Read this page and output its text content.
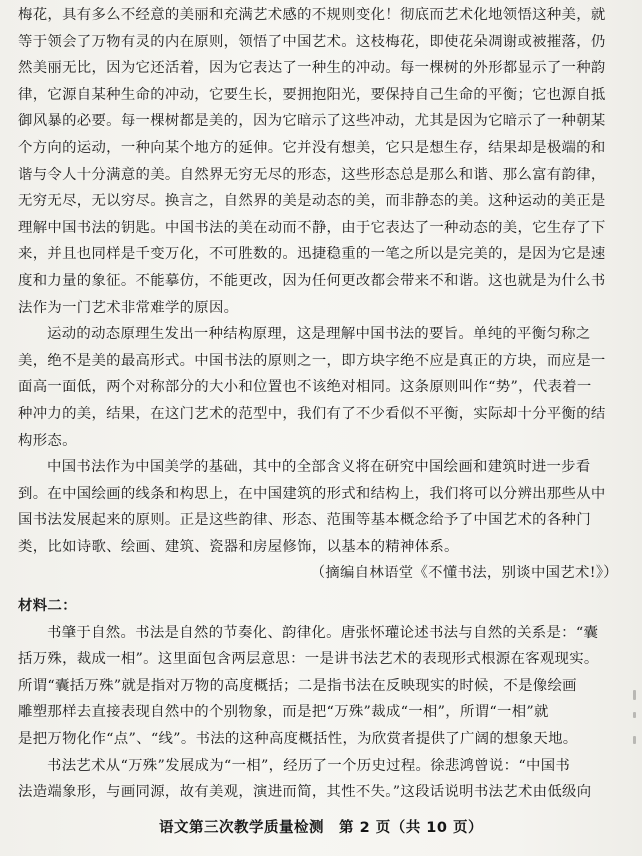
梅花，具有多么不经意的美丽和充满艺术感的不规则变化！彻底而艺术化地领悟这种美，就
等于领会了万物有灵的内在原则，领悟了中国艺术。这枝梅花，即使花朵凋谢或被摧落，仍
然美丽无比，因为它还活着，因为它表达了一种生的冲动。每一棵树的外形都显示了一种韵
律，它源自某种生命的冲动，它要生长，要拥抱阳光，要保持自己生命的平衡；它也源自抵
御风暴的必要。每一棵树都是美的，因为它暗示了这些冲动，尤其是因为它暗示了一种朝某
个方向的运动，一种向某个地方的延伸。它并没有想美，它只是想生存，结果却是极端的和
谐与令人十分满意的美。自然界无穷无尽的形态，这些形态总是那么和谐、那么富有韵律，
无穷无尽，无以穷尽。换言之，自然界的美是动态的美，而非静态的美。这种运动的美正是
理解中国书法的钥匙。中国书法的美在动而不静，由于它表达了一种动态的美，它生存了下
来，并且也同样是千变万化，不可胜数的。迅捷稳重的一笔之所以是完美的，是因为它是速
度和力量的象征。不能摹仿，不能更改，因为任何更改都会带来不和谐。这也就是为什么书
法作为一门艺术非常难学的原因。
运动的动态原理生发出一种结构原理，这是理解中国书法的要旨。单纯的平衡匀称之
美，绝不是美的最高形式。中国书法的原则之一，即方块字绝不应是真正的方块，而应是一
面高一面低，两个对称部分的大小和位置也不该绝对相同。这条原则叫作“势”，代表着一
种冲力的美，结果，在这门艺术的范型中，我们有了不少看似不平衡，实际却十分平衡的结
构形态。
中国书法作为中国美学的基础，其中的全部含义将在研究中国绘画和建筑时进一步看
到。在中国绘画的线条和构思上，在中国建筑的形式和结构上，我们将可以分辨出那些从中
国书法发展起来的原则。正是这些韵律、形态、范围等基本概念给予了中国艺术的各种门
类，比如诗歌、绘画、建筑、瓷器和房屋修饰，以基本的精神体系。
（摘编自林语堂《不懂书法，别谈中国艺术!》）
材料二：
书肇于自然。书法是自然的节奏化、韵律化。唐张怀瓘论述书法与自然的关系是：“囊
括万殊，裁成一相”。这里面包含两层意思：一是讲书法艺术的表现形式根源在客观现实。
所谓“囊括万殊”就是指对万物的高度概括；二是指书法在反映现实的时候，不是像绘画
雕塑那样去直接表现自然中的个别物象，而是把“万殊”裁成“一相”，所谓“一相”就
是把万物化作“点”、“线”。书法的这种高度概括性，为欣赏者提供了广阔的想象天地。
书法艺术从“万殊”发展成为“一相”，经历了一个历史过程。徐悲鸿曾说：“中国书
法造端象形，与画同源，故有美观，演进而简，其性不失。”这段话说明书法艺术由低级向
语文第三次教学质量检测　第 2 页（共 10 页）
